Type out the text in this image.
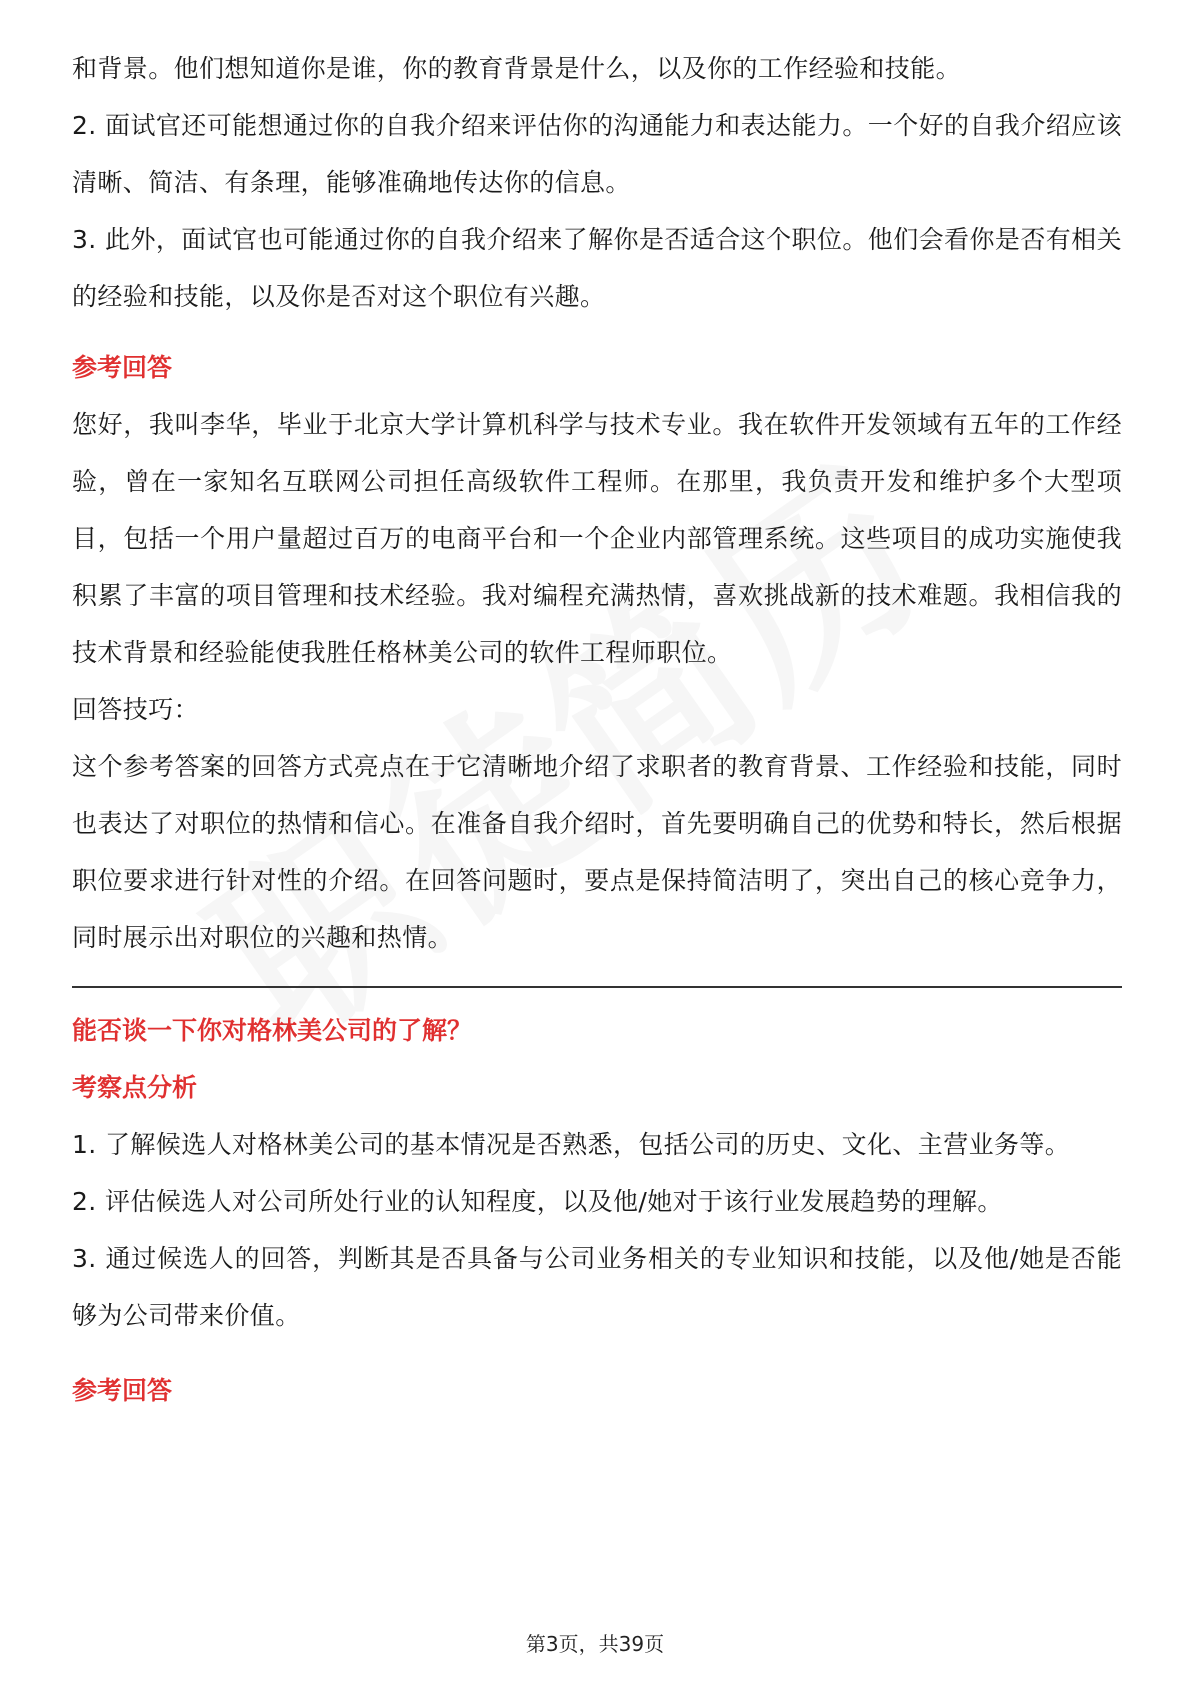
和背景。他们想知道你是谁，你的教育背景是什么，以及你的工作经验和技能。

2. 面试官还可能想通过你的自我介绍来评估你的沟通能力和表达能力。一个好的自我介绍应该清晰、简洁、有条理，能够准确地传达你的信息。

3. 此外，面试官也可能通过你的自我介绍来了解你是否适合这个职位。他们会看你是否有相关的经验和技能，以及你是否对这个职位有兴趣。

参考回答

您好，我叫李华，毕业于北京大学计算机科学与技术专业。我在软件开发领域有五年的工作经验，曾在一家知名互联网公司担任高级软件工程师。在那里，我负责开发和维护多个大型项目，包括一个用户量超过百万的电商平台和一个企业内部管理系统。这些项目的成功实施使我积累了丰富的项目管理和技术经验。我对编程充满热情，喜欢挑战新的技术难题。我相信我的技术背景和经验能使我胜任格林美公司的软件工程师职位。

回答技巧：

这个参考答案的回答方式亮点在于它清晰地介绍了求职者的教育背景、工作经验和技能，同时也表达了对职位的热情和信心。在准备自我介绍时，首先要明确自己的优势和特长，然后根据职位要求进行针对性的介绍。在回答问题时，要点是保持简洁明了，突出自己的核心竞争力，同时展示出对职位的兴趣和热情。

能否谈一下你对格林美公司的了解？

考察点分析

1. 了解候选人对格林美公司的基本情况是否熟悉，包括公司的历史、文化、主营业务等。

2. 评估候选人对公司所处行业的认知程度，以及他/她对于该行业发展趋势的理解。

3. 通过候选人的回答，判断其是否具备与公司业务相关的专业知识和技能，以及他/她是否能够为公司带来价值。

参考回答

第3页，共39页
